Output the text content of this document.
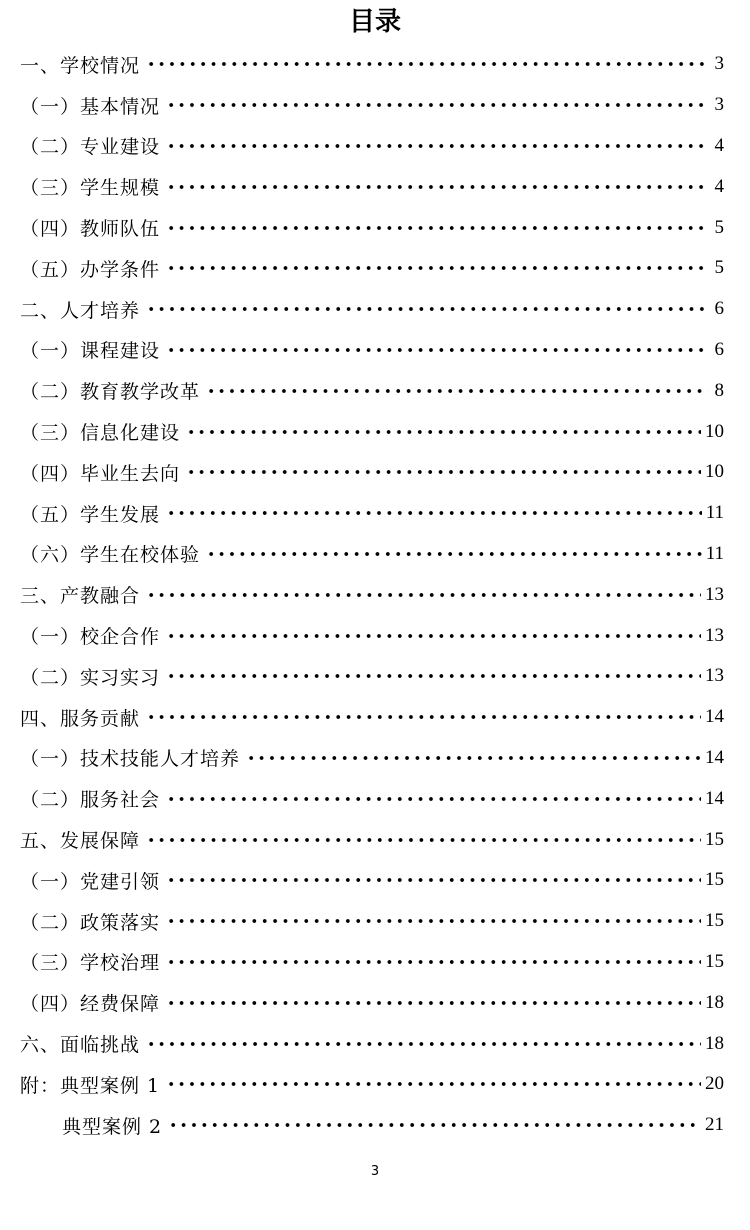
目录
一、学校情况	3
（一）基本情况	3
（二）专业建设	4
（三）学生规模	4
（四）教师队伍	5
（五）办学条件	5
二、人才培养	6
（一）课程建设	6
（二）教育教学改革	8
（三）信息化建设	10
（四）毕业生去向	10
（五）学生发展	11
（六）学生在校体验	11
三、产教融合	13
（一）校企合作	13
（二）实习实习	13
四、服务贡献	14
（一）技术技能人才培养	14
（二）服务社会	14
五、发展保障	15
（一）党建引领	15
（二）政策落实	15
（三）学校治理	15
（四）经费保障	18
六、面临挑战	18
附：典型案例 1	20
典型案例 2	21
3
